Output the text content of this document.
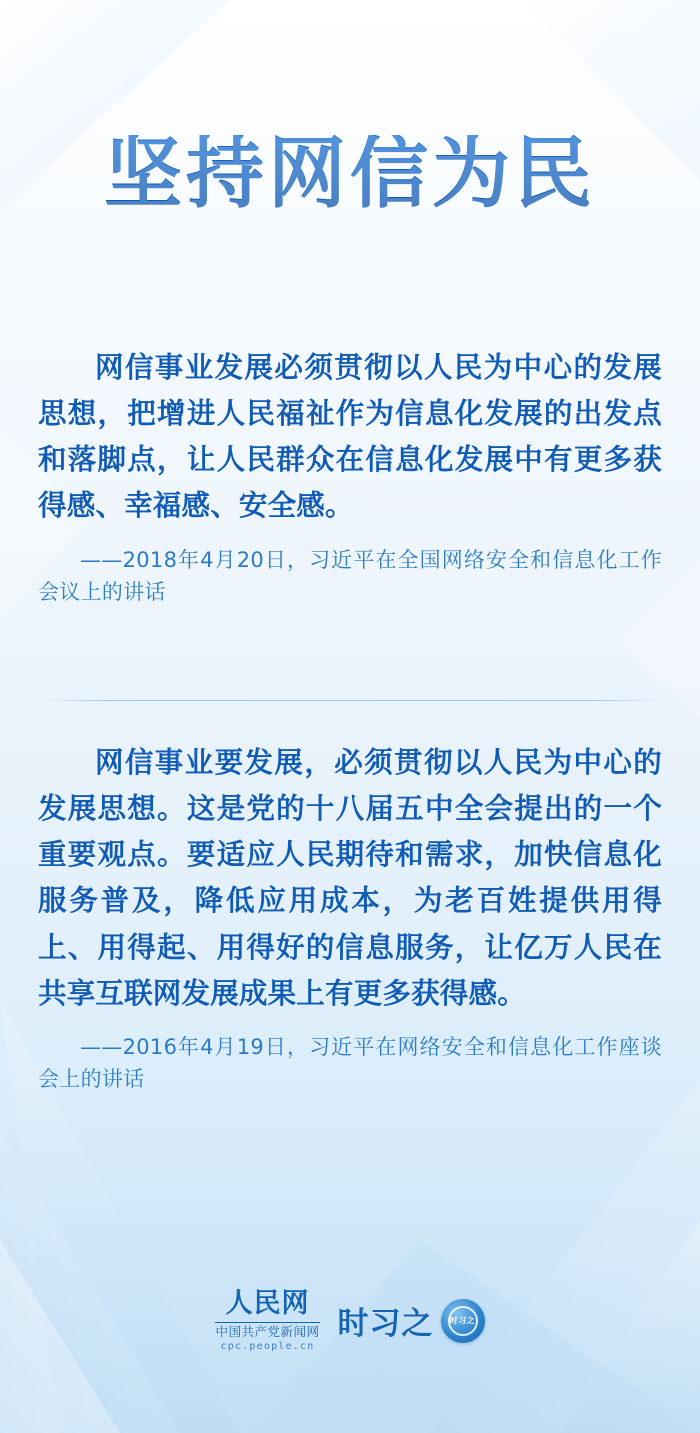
坚持网信为民

网信事业发展必须贯彻以人民为中心的发展思想，把增进人民福祉作为信息化发展的出发点和落脚点，让人民群众在信息化发展中有更多获得感、幸福感、安全感。

——2018年4月20日，习近平在全国网络安全和信息化工作会议上的讲话

网信事业要发展，必须贯彻以人民为中心的发展思想。这是党的十八届五中全会提出的一个重要观点。要适应人民期待和需求，加快信息化服务普及，降低应用成本，为老百姓提供用得上、用得起、用得好的信息服务，让亿万人民在共享互联网发展成果上有更多获得感。

——2016年4月19日，习近平在网络安全和信息化工作座谈会上的讲话

人民网
中国共产党新闻网
cpc.people.cn
时习之	时习之
